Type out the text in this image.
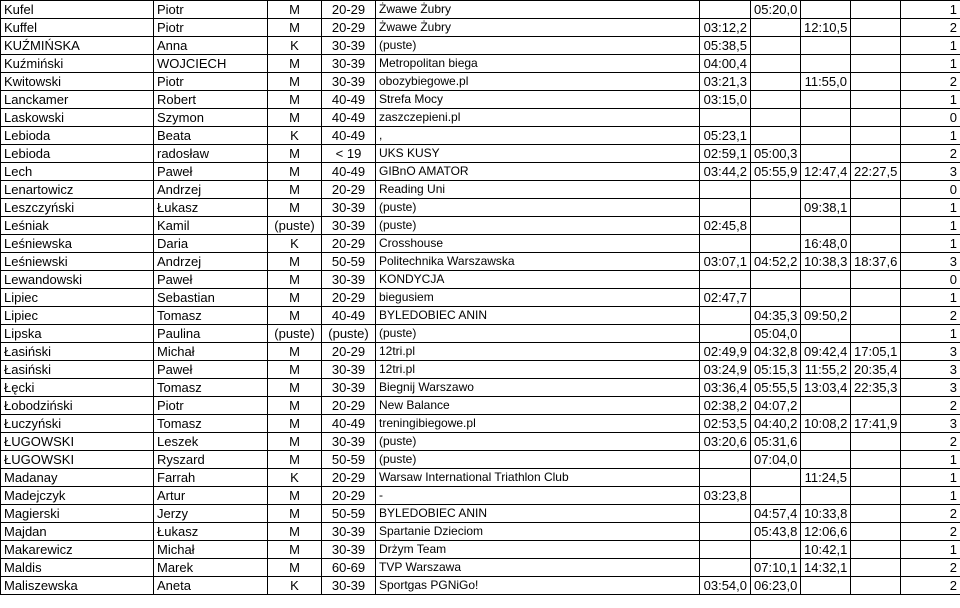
Kufel	Piotr	M	20-29	Żwawe Żubry		05:20,0			1
Kuffel	Piotr	M	20-29	Żwawe Żubry	03:12,2		12:10,5		2
KUŹMIŃSKA	Anna	K	30-39	(puste)	05:38,5				1
Kuźmiński	WOJCIECH	M	30-39	Metropolitan biega	04:00,4				1
Kwitowski	Piotr	M	30-39	obozybiegowe.pl	03:21,3		11:55,0		2
Lanckamer	Robert	M	40-49	Strefa Mocy	03:15,0				1
Laskowski	Szymon	M	40-49	zaszczepieni.pl					0
Lebioda	Beata	K	40-49	,	05:23,1				1
Lebioda	radosław	M	< 19	UKS KUSY	02:59,1	05:00,3			2
Lech	Paweł	M	40-49	GIBnO AMATOR	03:44,2	05:55,9	12:47,4	22:27,5	3
Lenartowicz	Andrzej	M	20-29	Reading Uni					0
Leszczyński	Łukasz	M	30-39	(puste)			09:38,1		1
Leśniak	Kamil	(puste)	30-39	(puste)	02:45,8				1
Leśniewska	Daria	K	20-29	Crosshouse			16:48,0		1
Leśniewski	Andrzej	M	50-59	Politechnika Warszawska	03:07,1	04:52,2	10:38,3	18:37,6	3
Lewandowski	Paweł	M	30-39	KONDYCJA					0
Lipiec	Sebastian	M	20-29	biegusiem	02:47,7				1
Lipiec	Tomasz	M	40-49	BYLEDOBIEC ANIN		04:35,3	09:50,2		2
Lipska	Paulina	(puste)	(puste)	(puste)		05:04,0			1
Łasiński	Michał	M	20-29	12tri.pl	02:49,9	04:32,8	09:42,4	17:05,1	3
Łasiński	Paweł	M	30-39	12tri.pl	03:24,9	05:15,3	11:55,2	20:35,4	3
Łęcki	Tomasz	M	30-39	Biegnij Warszawo	03:36,4	05:55,5	13:03,4	22:35,3	3
Łobodziński	Piotr	M	20-29	New Balance	02:38,2	04:07,2			2
Łuczyński	Tomasz	M	40-49	treningibiegowe.pl	02:53,5	04:40,2	10:08,2	17:41,9	3
ŁUGOWSKI	Leszek	M	30-39	(puste)	03:20,6	05:31,6			2
ŁUGOWSKI	Ryszard	M	50-59	(puste)		07:04,0			1
Madanay	Farrah	K	20-29	Warsaw International Triathlon Club			11:24,5		1
Madejczyk	Artur	M	20-29	-	03:23,8				1
Magierski	Jerzy	M	50-59	BYLEDOBIEC ANIN		04:57,4	10:33,8		2
Majdan	Łukasz	M	30-39	Spartanie Dzieciom		05:43,8	12:06,6		2
Makarewicz	Michał	M	30-39	Drżym Team			10:42,1		1
Maldis	Marek	M	60-69	TVP Warszawa		07:10,1	14:32,1		2
Maliszewska	Aneta	K	30-39	Sportgas PGNiGo!	03:54,0	06:23,0			2
